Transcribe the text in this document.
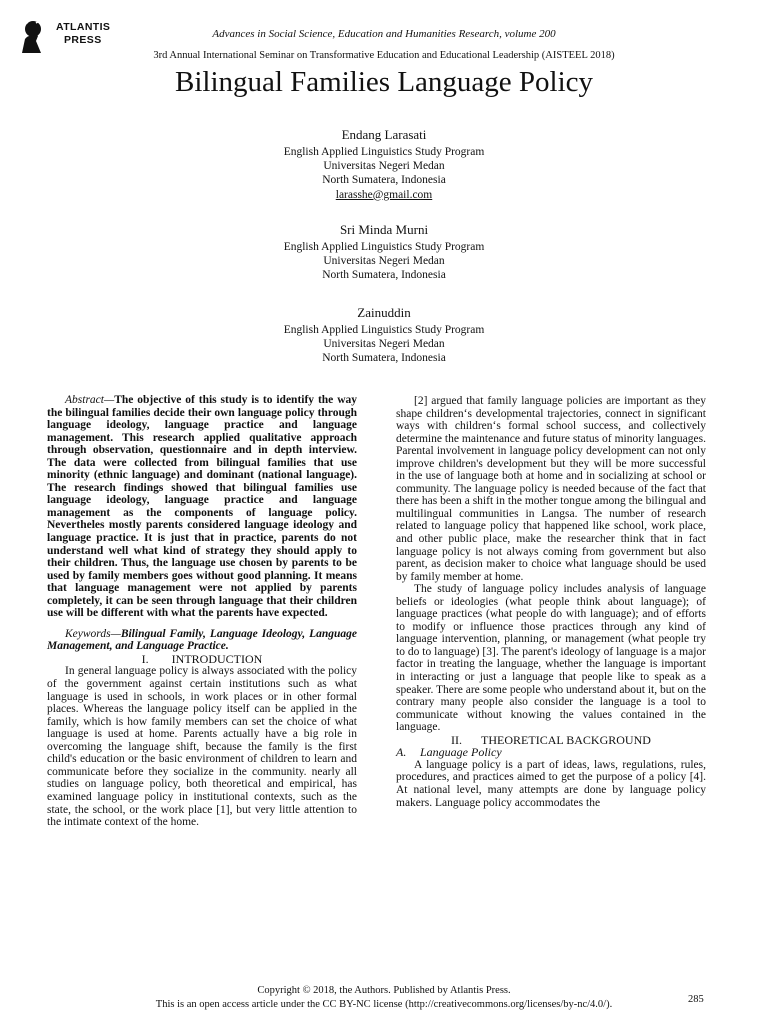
ATLANTIS
PRESS	Advances in Social Science, Education and Humanities Research, volume 200
3rd Annual International Seminar on Transformative Education and Educational Leadership (AISTEEL 2018)
Bilingual Families Language Policy
Endang Larasati
English Applied Linguistics Study Program
Universitas Negeri Medan
North Sumatera, Indonesia
larasshe@gmail.com
Sri Minda Murni
English Applied Linguistics Study Program
Universitas Negeri Medan
North Sumatera, Indonesia
Zainuddin
English Applied Linguistics Study Program
Universitas Negeri Medan
North Sumatera, Indonesia

Abstract—The objective of this study is to identify the way the bilingual families decide their own language policy through language ideology, language practice and language management. This research applied qualitative approach through observation, questionnaire and in depth interview. The data were collected from bilingual families that use minority (ethnic language) and dominant (national language). The research findings showed that bilingual families use language ideology, language practice and language management as the components of language policy. Nevertheles mostly parents considered language ideology and language practice. It is just that in practice, parents do not understand well what kind of strategy they should apply to their children. Thus, the language use chosen by parents to be used by family members goes without good planning. It means that language management were not applied by parents completely, it can be seen through language that their children use will be different with what the parents have expected.

Keywords—Bilingual Family, Language Ideology, Language Management, and Language Practice.

I. INTRODUCTION

In general language policy is always associated with the policy of the government against certain institutions such as what language is used in schools, in work places or in other formal places. Whereas the language policy itself can be applied in the family, which is how family members can set the choice of what language is used at home. Parents actually have a big role in overcoming the language shift, because the family is the first child's education or the basic environment of children to learn and communicate before they socialize in the community. nearly all studies on language policy, both theoretical and empirical, has examined language policy in institutional contexts, such as the state, the school, or the work place [1], but very little attention to the intimate context of the home.

[2] argued that family language policies are important as they shape children‘s developmental trajectories, connect in significant ways with children‘s formal school success, and collectively determine the maintenance and future status of minority languages. Parental involvement in language policy development can not only improve children's development but they will be more successful in the use of language both at home and in socializing at school or community. The language policy is needed because of the fact that there has been a shift in the mother tongue among the bilingual and multilingual communities in Langsa. The number of research related to language policy that happened like school, work place, and other public place, make the researcher think that in fact language policy is not always coming from government but also parent, as decision maker to choice what language should be used by family member at home.

The study of language policy includes analysis of language beliefs or ideologies (what people think about language); of language practices (what people do with language); and of efforts to modify or influence those practices through any kind of language intervention, planning, or management (what people try to do to language) [3]. The parent's ideology of language is a major factor in treating the language, whether the language is important in interacting or just a language that people like to speak as a speaker. There are some people who understand about it, but on the contrary many people also consider the language is a tool to communicate without knowing the values contained in the language.

II. THEORETICAL BACKGROUND

A. Language Policy

A language policy is a part of ideas, laws, regulations, rules, procedures, and practices aimed to get the purpose of a policy [4]. At national level, many attempts are done by language policy makers. Language policy accommodates the

Copyright © 2018, the Authors. Published by Atlantis Press.
This is an open access article under the CC BY-NC license (http://creativecommons.org/licenses/by-nc/4.0/).	285
